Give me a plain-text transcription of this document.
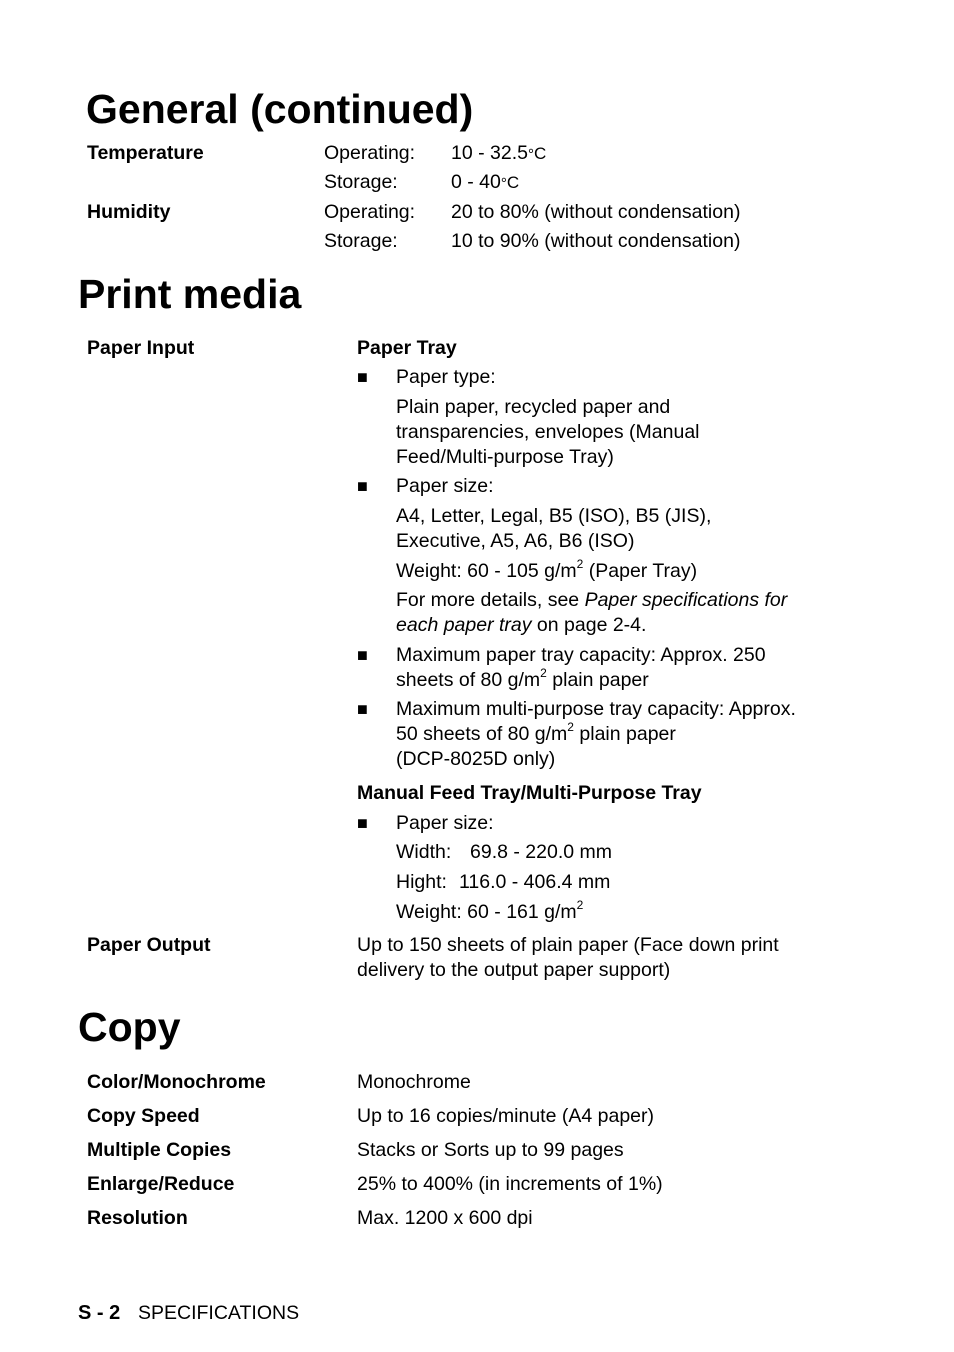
General (continued)
Temperature	Operating: 10 - 32.5°C
Storage:	0 - 40°C
Humidity	Operating: 20 to 80% (without condensation)
Storage:	10 to 90% (without condensation)
Print media
Paper Input	Paper Tray
■ Paper type:
Plain paper, recycled paper and
transparencies, envelopes (Manual
Feed/Multi-purpose Tray)
■ Paper size:
A4, Letter, Legal, B5 (ISO), B5 (JIS),
Executive, A5, A6, B6 (ISO)
Weight: 60 - 105 $g/m^2$ (Paper Tray)
For more details, see Paper specifications for
each paper tray on page 2-4.
■ Maximum paper tray capacity: Approx. 250
sheets of 80 $g/m^2$ plain paper
■ Maximum multi-purpose tray capacity: Approx.
50 sheets of 80 $g/m^2$ plain paper
(DCP-8025D only)
Manual Feed Tray/Multi-Purpose Tray
■ Paper size:
Width: 69.8 - 220.0 mm
Hight: 116.0 - 406.4 mm
Weight: 60 - 161 $g/m^2$
Paper Output	Up to 150 sheets of plain paper (Face down print
delivery to the output paper support)
Copy
Color/Monochrome	Monochrome
Copy Speed	Up to 16 copies/minute (A4 paper)
Multiple Copies	Stacks or Sorts up to 99 pages
Enlarge/Reduce	25% to 400% (in increments of 1%)
Resolution	Max. 1200 x 600 dpi
S - 2 SPECIFICATIONS
